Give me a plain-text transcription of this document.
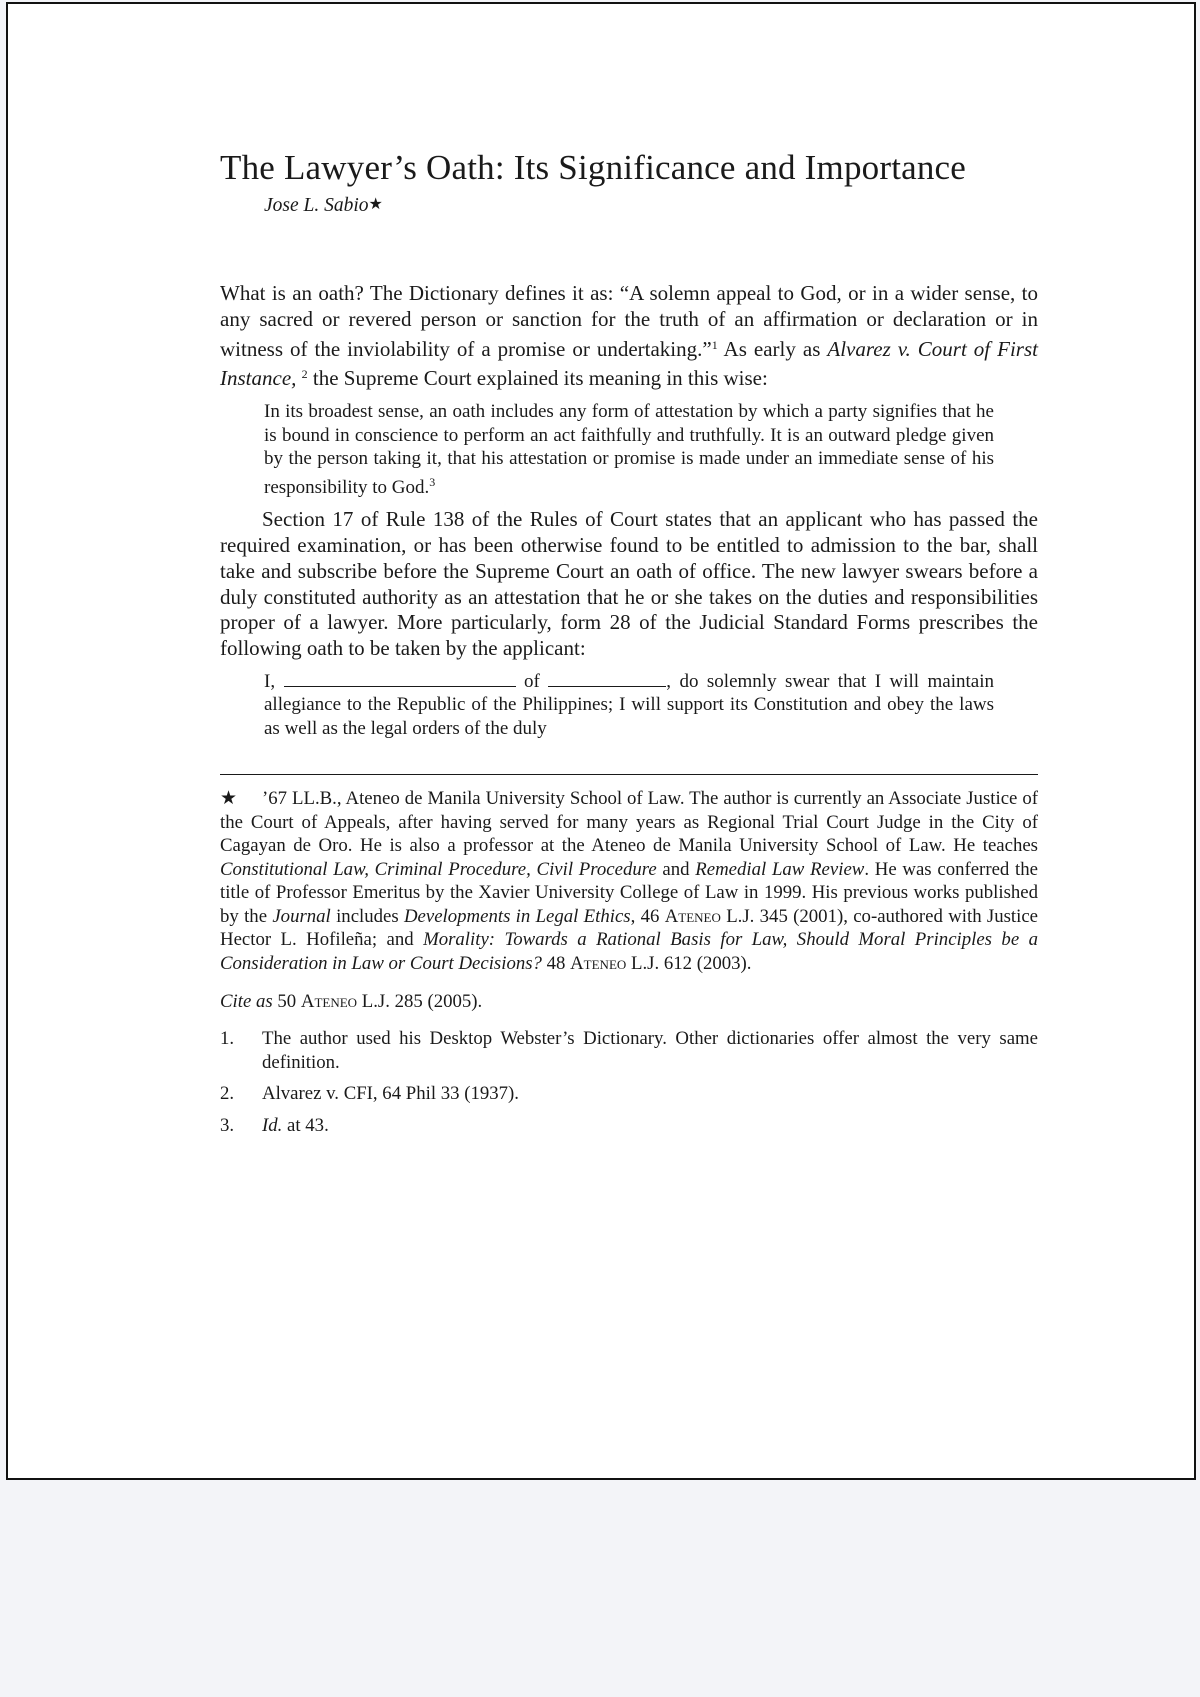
The Lawyer’s Oath: Its Significance and Importance
Jose L. Sabio★

What is an oath? The Dictionary defines it as: “A solemn appeal to God, or in a wider sense, to any sacred or revered person or sanction for the truth of an affirmation or declaration or in witness of the inviolability of a promise or undertaking.”$^1$ As early as Alvarez v. Court of First Instance, $^2$ the Supreme Court explained its meaning in this wise:

In its broadest sense, an oath includes any form of attestation by which a party signifies that he is bound in conscience to perform an act faithfully and truthfully. It is an outward pledge given by the person taking it, that his attestation or promise is made under an immediate sense of his responsibility to God.$^3$

Section 17 of Rule 138 of the Rules of Court states that an applicant who has passed the required examination, or has been otherwise found to be entitled to admission to the bar, shall take and subscribe before the Supreme Court an oath of office. The new lawyer swears before a duly constituted authority as an attestation that he or she takes on the duties and responsibilities proper of a lawyer. More particularly, form 28 of the Judicial Standard Forms prescribes the following oath to be taken by the applicant:

I,	of	, do solemnly swear that I will maintain allegiance to the Republic of the Philippines; I will support its Constitution and obey the laws as well as the legal orders of the duly

★ ’67 LL.B., Ateneo de Manila University School of Law. The author is currently an Associate Justice of the Court of Appeals, after having served for many years as Regional Trial Court Judge in the City of Cagayan de Oro. He is also a professor at the Ateneo de Manila University School of Law. He teaches Constitutional Law, Criminal Procedure, Civil Procedure and Remedial Law Review. He was conferred the title of Professor Emeritus by the Xavier University College of Law in 1999. His previous works published by the Journal includes Developments in Legal Ethics, 46 Ateneo L.J. 345 (2001), co-authored with Justice Hector L. Hofileña; and Morality: Towards a Rational Basis for Law, Should Moral Principles be a Consideration in Law or Court Decisions? 48 Ateneo L.J. 612 (2003).

Cite as 50 Ateneo L.J. 285 (2005).

1.	The author used his Desktop Webster’s Dictionary. Other dictionaries offer almost the very same definition.
2.	Alvarez v. CFI, 64 Phil 33 (1937).
3.	Id. at 43.
